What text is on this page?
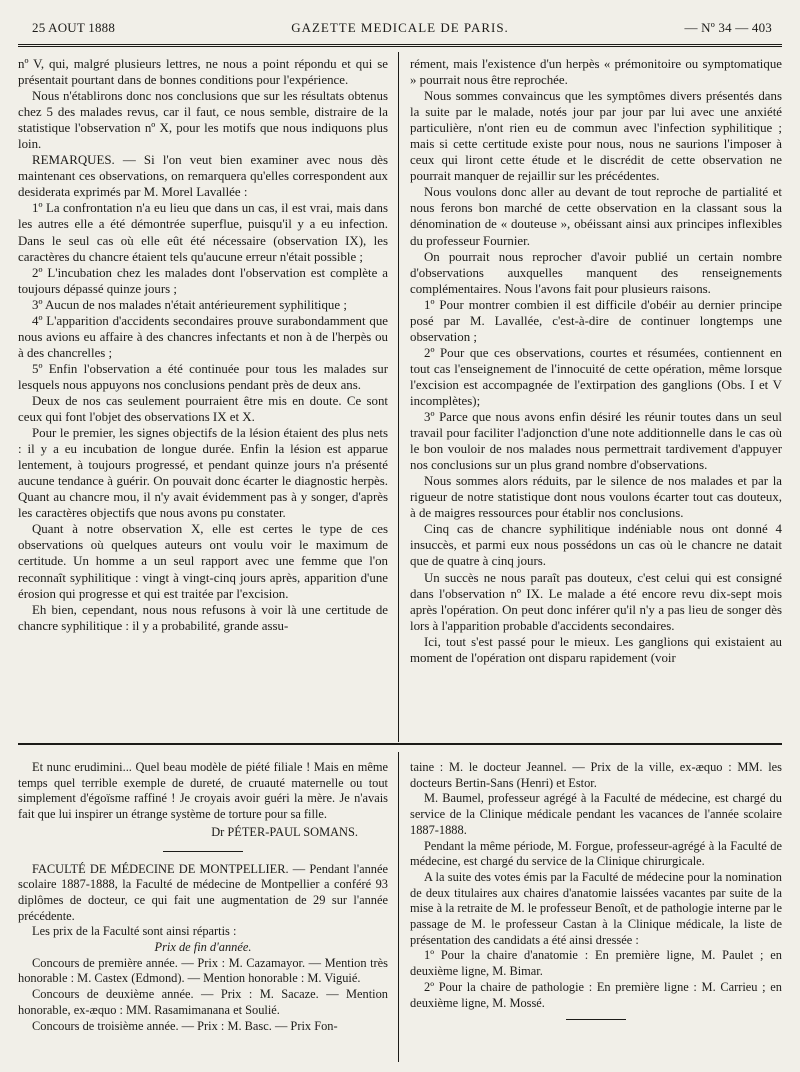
25 AOUT 1888	GAZETTE MEDICALE DE PARIS.	— Nº 34 — 403

nº V, qui, malgré plusieurs lettres, ne nous a point répondu et qui se présentait pourtant dans de bonnes conditions pour l'expérience.

Nous n'établirons donc nos conclusions que sur les résultats obtenus chez 5 des malades revus, car il faut, ce nous semble, distraire de la statistique l'observation nº X, pour les motifs que nous indiquons plus loin.

REMARQUES. — Si l'on veut bien examiner avec nous dès maintenant ces observations, on remarquera qu'elles correspondent aux desiderata exprimés par M. Morel Lavallée :

1º La confrontation n'a eu lieu que dans un cas, il est vrai, mais dans les autres elle a été démontrée superflue, puisqu'il y a eu infection. Dans le seul cas où elle eût été nécessaire (observation IX), les caractères du chancre étaient tels qu'aucune erreur n'était possible ;

2º L'incubation chez les malades dont l'observation est complète a toujours dépassé quinze jours ;

3º Aucun de nos malades n'était antérieurement syphilitique ;

4º L'apparition d'accidents secondaires prouve surabondamment que nous avions eu affaire à des chancres infectants et non à de l'herpès ou à des chancrelles ;

5º Enfin l'observation a été continuée pour tous les malades sur lesquels nous appuyons nos conclusions pendant près de deux ans.

Deux de nos cas seulement pourraient être mis en doute. Ce sont ceux qui font l'objet des observations IX et X.

Pour le premier, les signes objectifs de la lésion étaient des plus nets : il y a eu incubation de longue durée. Enfin la lésion est apparue lentement, à toujours progressé, et pendant quinze jours n'a présenté aucune tendance à guérir. On pouvait donc écarter le diagnostic herpès. Quant au chancre mou, il n'y avait évidemment pas à y songer, d'après les caractères objectifs que nous avons pu constater.

Quant à notre observation X, elle est certes le type de ces observations où quelques auteurs ont voulu voir le maximum de certitude. Un homme a un seul rapport avec une femme que l'on reconnaît syphilitique : vingt à vingt-cinq jours après, apparition d'une érosion qui progresse et qui est traitée par l'excision.

Eh bien, cependant, nous nous refusons à voir là une certitude de chancre syphilitique : il y a probabilité, grande assu-

rément, mais l'existence d'un herpès « prémonitoire ou symptomatique » pourrait nous être reprochée.

Nous sommes convaincus que les symptômes divers présentés dans la suite par le malade, notés jour par jour par lui avec une anxiété particulière, n'ont rien eu de commun avec l'infection syphilitique ; mais si cette certitude existe pour nous, nous ne saurions l'imposer à ceux qui liront cette étude et le discrédit de cette observation ne pourrait manquer de rejaillir sur les précédentes.

Nous voulons donc aller au devant de tout reproche de partialité et nous ferons bon marché de cette observation en la classant sous la dénomination de « douteuse », obéissant ainsi aux principes inflexibles du professeur Fournier.

On pourrait nous reprocher d'avoir publié un certain nombre d'observations auxquelles manquent des renseignements complémentaires. Nous l'avons fait pour plusieurs raisons.

1º Pour montrer combien il est difficile d'obéir au dernier principe posé par M. Lavallée, c'est-à-dire de continuer longtemps une observation ;

2º Pour que ces observations, courtes et résumées, contiennent en tout cas l'enseignement de l'innocuité de cette opération, même lorsque l'excision est accompagnée de l'extirpation des ganglions (Obs. I et V incomplètes);

3º Parce que nous avons enfin désiré les réunir toutes dans un seul travail pour faciliter l'adjonction d'une note additionnelle dans le cas où le bon vouloir de nos malades nous permettrait tardivement d'appuyer nos conclusions sur un plus grand nombre d'observations.

Nous sommes alors réduits, par le silence de nos malades et par la rigueur de notre statistique dont nous voulons écarter tout cas douteux, à de maigres ressources pour établir nos conclusions.

Cinq cas de chancre syphilitique indéniable nous ont donné 4 insuccès, et parmi eux nous possédons un cas où le chancre ne datait que de quatre à cinq jours.

Un succès ne nous paraît pas douteux, c'est celui qui est consigné dans l'observation nº IX. Le malade a été encore revu dix-sept mois après l'opération. On peut donc inférer qu'il n'y a pas lieu de songer dès lors à l'apparition probable d'accidents secondaires.

Ici, tout s'est passé pour le mieux. Les ganglions qui existaient au moment de l'opération ont disparu rapidement (voir

Et nunc erudimini... Quel beau modèle de piété filiale ! Mais en même temps quel terrible exemple de dureté, de cruauté maternelle ou tout simplement d'égoïsme raffiné ! Je croyais avoir guéri la mère. Je n'avais fait que lui inspirer un étrange système de torture pour sa fille.

Dr PÉTER-PAUL SOMANS.

FACULTÉ DE MÉDECINE DE MONTPELLIER. — Pendant l'année scolaire 1887-1888, la Faculté de médecine de Montpellier a conféré 93 diplômes de docteur, ce qui fait une augmentation de 29 sur l'année précédente.

Les prix de la Faculté sont ainsi répartis :

Prix de fin d'année.

Concours de première année. — Prix : M. Cazamayor. — Mention très honorable : M. Castex (Edmond). — Mention honorable : M. Viguié.

Concours de deuxième année. — Prix : M. Sacaze. — Mention honorable, ex-æquo : MM. Rasamimanana et Soulié.

Concours de troisième année. — Prix : M. Basc. — Prix Fon-

taine : M. le docteur Jeannel. — Prix de la ville, ex-æquo : MM. les docteurs Bertin-Sans (Henri) et Estor.

M. Baumel, professeur agrégé à la Faculté de médecine, est chargé du service de la Clinique médicale pendant les vacances de l'année scolaire 1887-1888.

Pendant la même période, M. Forgue, professeur-agrégé à la Faculté de médecine, est chargé du service de la Clinique chirurgicale.

A la suite des votes émis par la Faculté de médecine pour la nomination de deux titulaires aux chaires d'anatomie laissées vacantes par suite de la mise à la retraite de M. le professeur Benoît, et de pathologie interne par le passage de M. le professeur Castan à la Clinique médicale, la liste de présentation des candidats a été ainsi dressée :

1º Pour la chaire d'anatomie : En première ligne, M. Paulet ; en deuxième ligne, M. Bimar.

2º Pour la chaire de pathologie : En première ligne : M. Carrieu ; en deuxième ligne, M. Mossé.
